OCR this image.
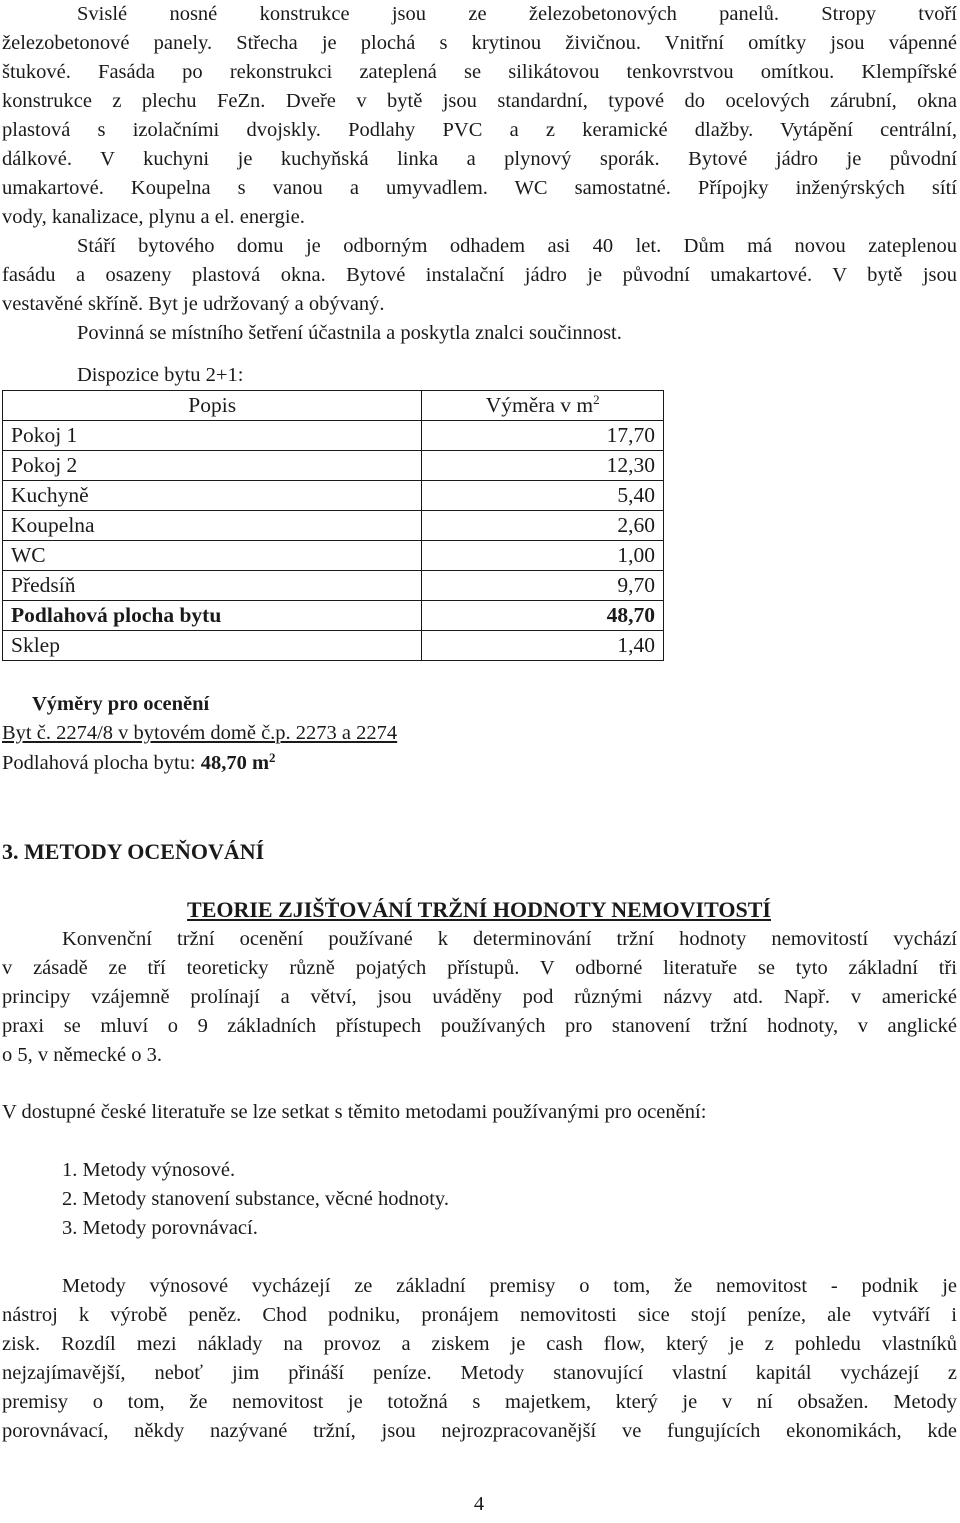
Svislé nosné konstrukce jsou ze železobetonových panelů. Stropy tvoří
železobetonové panely. Střecha je plochá s krytinou živičnou. Vnitřní omítky jsou vápenné
štukové. Fasáda po rekonstrukci zateplená se silikátovou tenkovrstvou omítkou. Klempířské
konstrukce z plechu FeZn. Dveře v bytě jsou standardní, typové do ocelových zárubní, okna
plastová s izolačními dvojskly. Podlahy PVC a z keramické dlažby. Vytápění centrální,
dálkové. V kuchyni je kuchyňská linka a plynový sporák. Bytové jádro je původní
umakartové. Koupelna s vanou a umyvadlem. WC samostatné. Přípojky inženýrských sítí
vody, kanalizace, plynu a el. energie.
Stáří bytového domu je odborným odhadem asi 40 let. Dům má novou zateplenou
fasádu a osazeny plastová okna. Bytové instalační jádro je původní umakartové. V bytě jsou
vestavěné skříně. Byt je udržovaný a obývaný.
Povinná se místního šetření účastnila a poskytla znalci součinnost.
Dispozice bytu 2+1:
Popis	Výměra v $m^2$
Pokoj 1	17,70
Pokoj 2	12,30
Kuchyně	5,40
Koupelna	2,60
WC	1,00
Předsíň	9,70
Podlahová plocha bytu	48,70
Sklep	1,40
Výměry pro ocenění
Byt č. 2274/8 v bytovém domě č.p. 2273 a 2274
Podlahová plocha bytu: 48,70 $m^2$
3. METODY OCEŇOVÁNÍ
TEORIE ZJIŠŤOVÁNÍ TRŽNÍ HODNOTY NEMOVITOSTÍ
Konvenční tržní ocenění používané k determinování tržní hodnoty nemovitostí vychází
v zásadě ze tří teoreticky různě pojatých přístupů. V odborné literatuře se tyto základní tři
principy vzájemně prolínají a větví, jsou uváděny pod různými názvy atd. Např. v americké
praxi se mluví o 9 základních přístupech používaných pro stanovení tržní hodnoty, v anglické
o 5, v německé o 3.
V dostupné české literatuře se lze setkat s těmito metodami používanými pro ocenění:
1. Metody výnosové.
2. Metody stanovení substance, věcné hodnoty.
3. Metody porovnávací.
Metody výnosové vycházejí ze základní premisy o tom, že nemovitost - podnik je
nástroj k výrobě peněz. Chod podniku, pronájem nemovitosti sice stojí peníze, ale vytváří i
zisk. Rozdíl mezi náklady na provoz a ziskem je cash flow, který je z pohledu vlastníků
nejzajímavější, neboť jim přináší peníze. Metody stanovující vlastní kapitál vycházejí z
premisy o tom, že nemovitost je totožná s majetkem, který je v ní obsažen. Metody
porovnávací, někdy nazývané tržní, jsou nejrozpracovanější ve fungujících ekonomikách, kde
4
